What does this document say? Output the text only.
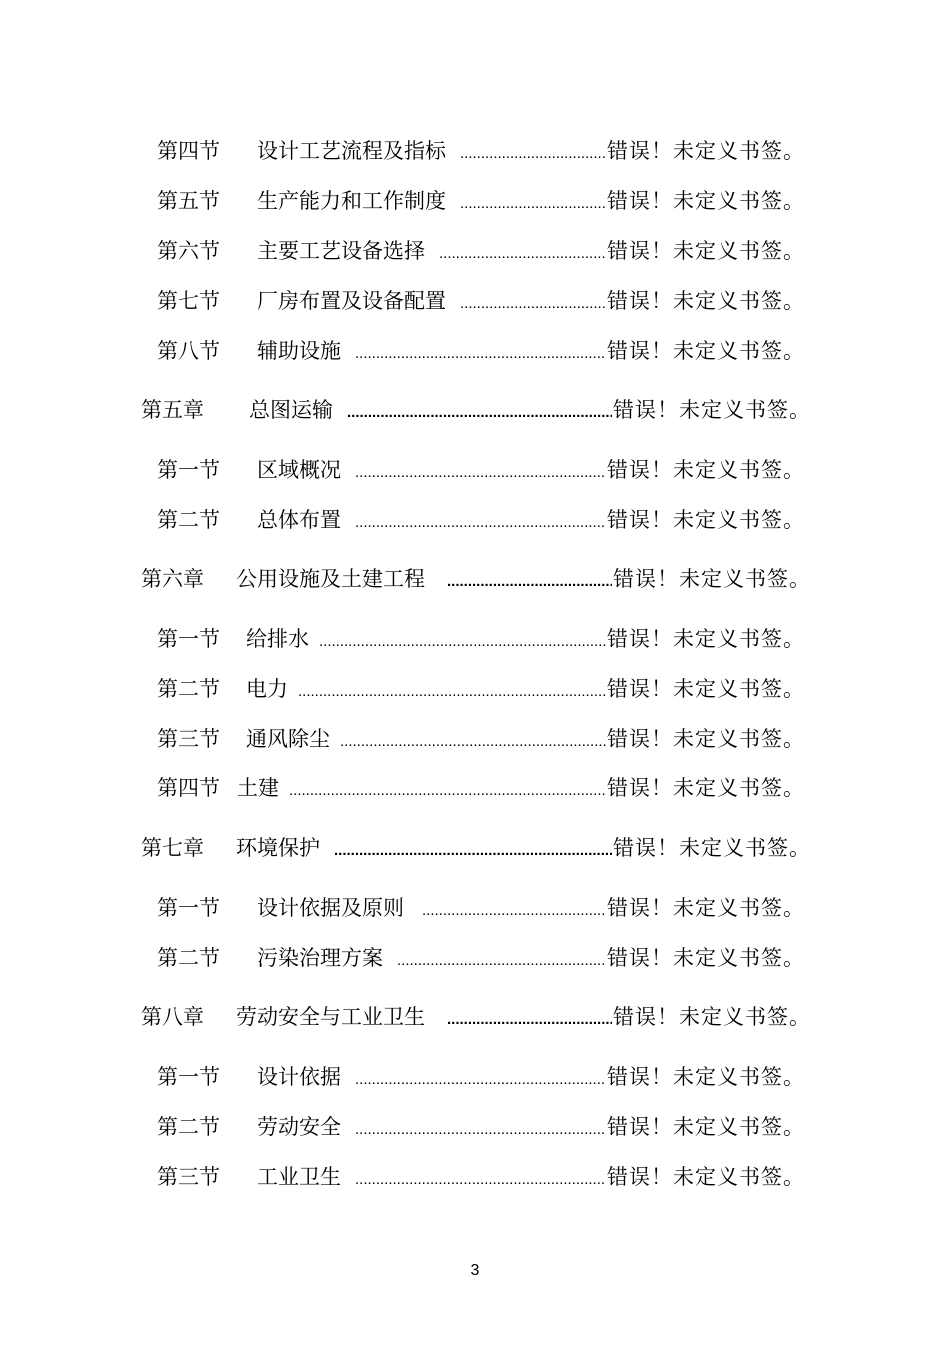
第四节 设计工艺流程及指标 .....	错误！未定义书签。
第五节 生产能力和工作制度 .....	错误！未定义书签。
第六节 主要工艺设备选择 .....	错误！未定义书签。
第七节 厂房布置及设备配置 .....	错误！未定义书签。
第八节 辅助设施 .....	错误！未定义书签。
第五章 总图运输 .....	错误！未定义书签。
第一节 区域概况 .....	错误！未定义书签。
第二节 总体布置 .....	错误！未定义书签。
第六章 公用设施及土建工程 .....	错误！未定义书签。
第一节 给排水 .....	错误！未定义书签。
第二节 电力 .....	错误！未定义书签。
第三节 通风除尘 .....	错误！未定义书签。
第四节 土建 .....	错误！未定义书签。
第七章 环境保护 .....	错误！未定义书签。
第一节 设计依据及原则 .....	错误！未定义书签。
第二节 污染治理方案 .....	错误！未定义书签。
第八章 劳动安全与工业卫生 .....	错误！未定义书签。
第一节 设计依据 .....	错误！未定义书签。
第二节 劳动安全 .....	错误！未定义书签。
第三节 工业卫生 .....	错误！未定义书签。
3
